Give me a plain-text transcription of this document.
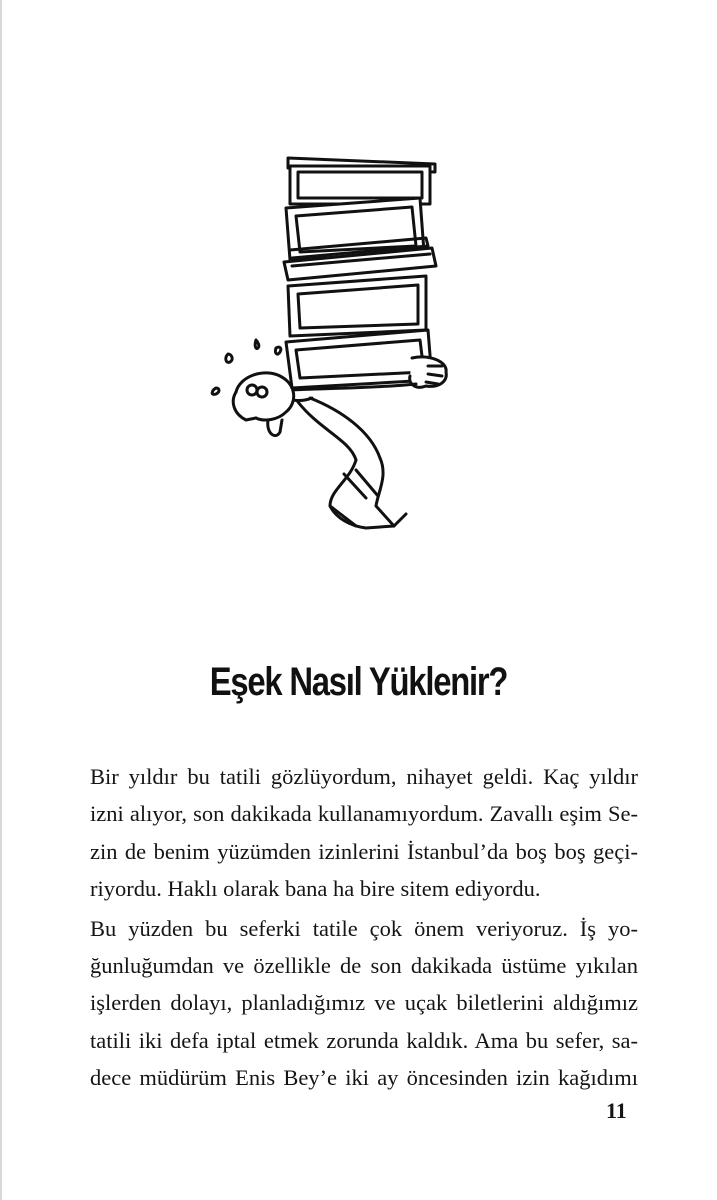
Eşek Nasıl Yüklenir?

Bir yıldır bu tatili gözlüyordum, nihayet geldi. Kaç yıldır
izni alıyor, son dakikada kullanamıyordum. Zavallı eşim Se-
zin de benim yüzümden izinlerini İstanbul’da boş boş geçi-
riyordu. Haklı olarak bana ha bire sitem ediyordu.

Bu yüzden bu seferki tatile çok önem veriyoruz. İş yo-
ğunluğumdan ve özellikle de son dakikada üstüme yıkılan
işlerden dolayı, planladığımız ve uçak biletlerini aldığımız
tatili iki defa iptal etmek zorunda kaldık. Ama bu sefer, sa-
dece müdürüm Enis Bey’e iki ay öncesinden izin kağıdımı

11
